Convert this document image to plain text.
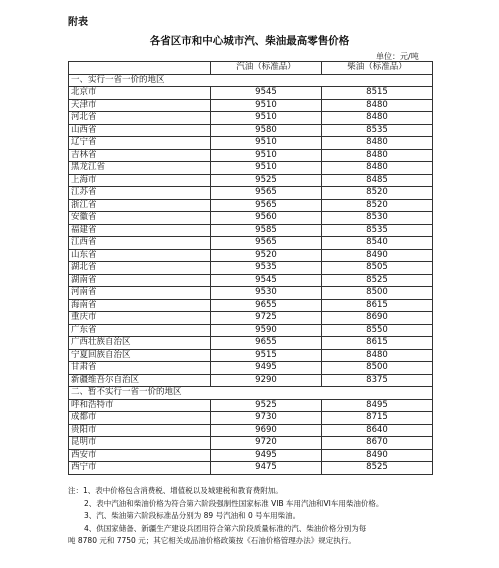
附表
各省区市和中心城市汽、柴油最高零售价格
单位：元/吨
	汽油（标准品）	柴油（标准品）
一、实行一省一价的地区		
北京市	9545	8515
天津市	9510	8480
河北省	9510	8480
山西省	9580	8535
辽宁省	9510	8480
吉林省	9510	8480
黑龙江省	9510	8480
上海市	9525	8485
江苏省	9565	8520
浙江省	9565	8520
安徽省	9560	8530
福建省	9585	8535
江西省	9565	8540
山东省	9520	8490
湖北省	9535	8505
湖南省	9545	8525
河南省	9530	8500
海南省	9655	8615
重庆市	9725	8690
广东省	9590	8550
广西壮族自治区	9655	8615
宁夏回族自治区	9515	8480
甘肃省	9495	8500
新疆维吾尔自治区	9290	8375
二、暂不实行一省一价的地区		
呼和浩特市	9525	8495
成都市	9730	8715
贵阳市	9690	8640
昆明市	9720	8670
西安市	9495	8490
西宁市	9475	8525
注：1、表中价格包含消费税、增值税以及城建税和教育费附加。
2、表中汽油和柴油价格为符合第六阶段强制性国家标准 VIB 车用汽油和VI车用柴油价格。
3、汽、柴油第六阶段标准品分别为 89 号汽油和 0 号车用柴油。
4、供国家储备、新疆生产建设兵团用符合第六阶段质量标准的汽、柴油价格分别为每
吨 8780 元和 7750 元；其它相关成品油价格政策按《石油价格管理办法》规定执行。
